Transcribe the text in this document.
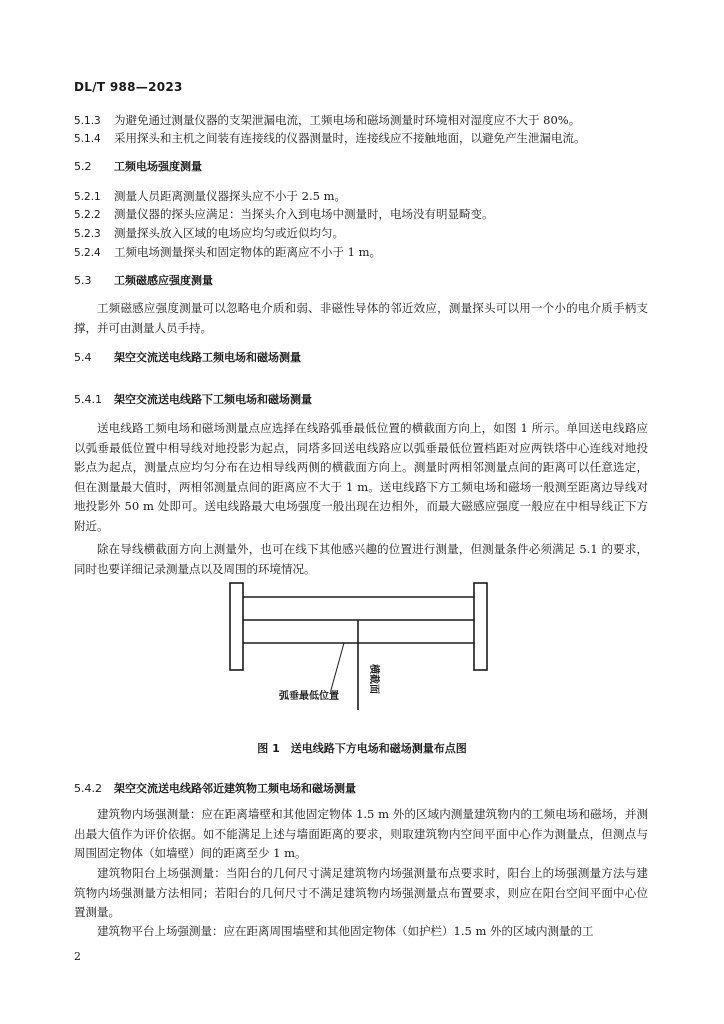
DL/T 988—2023
5.1.3 为避免通过测量仪器的支架泄漏电流，工频电场和磁场测量时环境相对湿度应不大于 80%。
5.1.4 采用探头和主机之间装有连接线的仪器测量时，连接线应不接触地面，以避免产生泄漏电流。
5.2 工频电场强度测量
5.2.1 测量人员距离测量仪器探头应不小于 2.5 m。
5.2.2 测量仪器的探头应满足：当探头介入到电场中测量时，电场没有明显畸变。
5.2.3 测量探头放入区域的电场应均匀或近似均匀。
5.2.4 工频电场测量探头和固定物体的距离应不小于 1 m。
5.3 工频磁感应强度测量
工频磁感应强度测量可以忽略电介质和弱、非磁性导体的邻近效应，测量探头可以用一个小的电介质手柄支撑，并可由测量人员手持。
5.4 架空交流送电线路工频电场和磁场测量
5.4.1 架空交流送电线路下工频电场和磁场测量
送电线路工频电场和磁场测量点应选择在线路弧垂最低位置的横截面方向上，如图 1 所示。单回送电线路应以弧垂最低位置中相导线对地投影为起点，同塔多回送电线路应以弧垂最低位置档距对应两铁塔中心连线对地投影点为起点，测量点应均匀分布在边相导线两侧的横截面方向上。测量时两相邻测量点间的距离可以任意选定，但在测量最大值时，两相邻测量点间的距离应不大于 1 m。送电线路下方工频电场和磁场一般测至距离边导线对地投影外 50 m 处即可。送电线路最大电场强度一般出现在边相外，而最大磁感应强度一般应在中相导线正下方附近。
除在导线横截面方向上测量外，也可在线下其他感兴趣的位置进行测量，但测量条件必须满足 5.1 的要求，同时也要详细记录测量点以及周围的环境情况。
弧垂最低位置
横截面
图 1　送电线路下方电场和磁场测量布点图
5.4.2 架空交流送电线路邻近建筑物工频电场和磁场测量
建筑物内场强测量：应在距离墙壁和其他固定物体 1.5 m 外的区域内测量建筑物内的工频电场和磁场，并测出最大值作为评价依据。如不能满足上述与墙面距离的要求，则取建筑物内空间平面中心作为测量点，但测点与周围固定物体（如墙壁）间的距离至少 1 m。
建筑物阳台上场强测量：当阳台的几何尺寸满足建筑物内场强测量布点要求时，阳台上的场强测量方法与建筑物内场强测量方法相同；若阳台的几何尺寸不满足建筑物内场强测量点布置要求，则应在阳台空间平面中心位置测量。
建筑物平台上场强测量：应在距离周围墙壁和其他固定物体（如护栏）1.5 m 外的区域内测量的工
2
